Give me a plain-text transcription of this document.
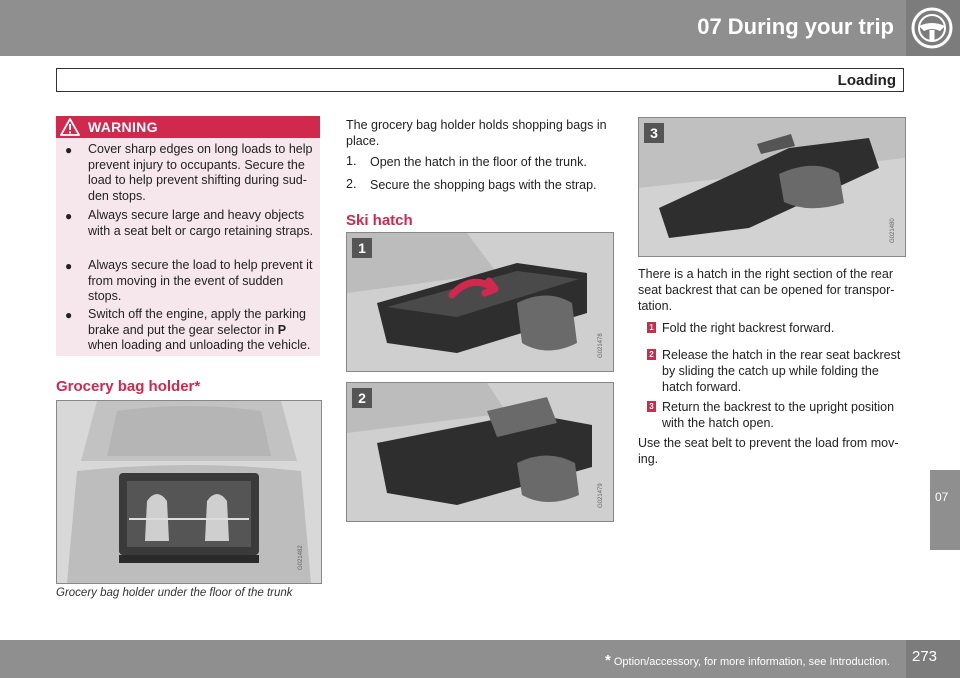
07 During your trip
Loading
WARNING
● Cover sharp edges on long loads to help prevent injury to occupants. Secure the load to help prevent shifting during sud-den stops.
● Always secure large and heavy objects with a seat belt or cargo retaining straps.
● Always secure the load to help prevent it from moving in the event of sudden stops.
● Switch off the engine, apply the parking brake and put the gear selector in P when loading and unloading the vehicle.
Grocery bag holder*
G021482
Grocery bag holder under the floor of the trunk
The grocery bag holder holds shopping bags in place.
1. Open the hatch in the floor of the trunk.
2. Secure the shopping bags with the strap.
Ski hatch
1
G021478
2
G021479
3
G021480
There is a hatch in the right section of the rear seat backrest that can be opened for transpor-tation.
1 Fold the right backrest forward.
2 Release the hatch in the rear seat backrest by sliding the catch up while folding the hatch forward.
3 Return the backrest to the upright position with the hatch open.
Use the seat belt to prevent the load from mov-ing.
07
* Option/accessory, for more information, see Introduction. 273
